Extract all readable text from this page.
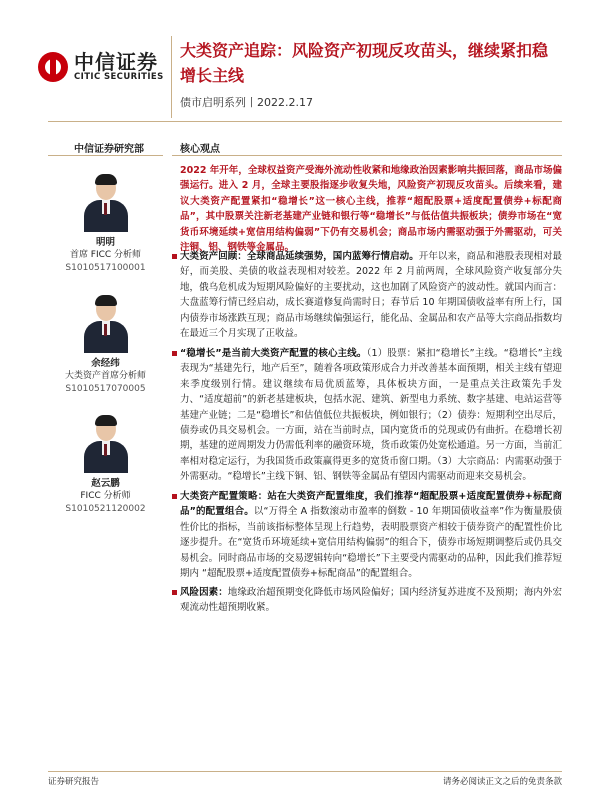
中信证券
CITIC SECURITIES
大类资产追踪：风险资产初现反攻苗头，继续紧扣稳增长主线
债市启明系列丨2022.2.17
中信证券研究部	核心观点
明明
首席 FICC 分析师
S1010517100001
余经纬
大类资产首席分析师
S1010517070005
赵云鹏
FICC 分析师
S1010521120002
2022 年开年，全球权益资产受海外流动性收紧和地缘政治因素影响共振回落，商品市场偏强运行。进入 2 月，全球主要股指逐步收复失地，风险资产初现反攻苗头。后续来看，建议大类资产配置紧扣“稳增长”这一核心主线，推荐“超配股票+适度配置债券+标配商品”，其中股票关注新老基建产业链和银行等“稳增长”与低估值共振板块；债券市场在“宽货币环境延续+宽信用结构偏弱”下仍有交易机会；商品市场内需驱动强于外需驱动，可关注铜、铝、钢铁等金属品。
大类资产回顾：全球商品延续强势，国内蓝筹行情启动。开年以来，商品和港股表现相对最好，而美股、美债的收益表现相对较差。2022 年 2 月前两周，全球风险资产收复部分失地，俄乌危机成为短期风险偏好的主要扰动，这也加剧了风险资产的波动性。就国内而言：大盘蓝筹行情已经启动，成长赛道修复尚需时日；春节后 10 年期国债收益率有所上行，国内债券市场涨跌互现；商品市场继续偏强运行，能化品、金属品和农产品等大宗商品指数均在最近三个月实现了正收益。
“稳增长”是当前大类资产配置的核心主线。（1）股票：紧扣“稳增长”主线。“稳增长”主线表现为“基建先行，地产后至”，随着各项政策形成合力并改善基本面预期，相关主线有望迎来季度级别行情。建议继续布局优质蓝筹，具体板块方面，一是重点关注政策先手发力、“适度超前”的新老基建板块，包括水泥、建筑、新型电力系统、数字基建、电站运营等基建产业链；二是“稳增长”和估值低位共振板块，例如银行；（2）债券：短期利空出尽后，债券或仍具交易机会。一方面，站在当前时点，国内宽货币的兑现或仍有曲折。在稳增长初期，基建的逆周期发力仍需低利率的融资环境，货币政策仍处宽松通道。另一方面，当前汇率相对稳定运行，为我国货币政策赢得更多的宽货币窗口期。（3）大宗商品：内需驱动强于外需驱动。“稳增长”主线下铜、铝、钢铁等金属品有望因内需驱动而迎来交易机会。
大类资产配置策略：站在大类资产配置维度，我们推荐“超配股票+适度配置债券+标配商品”的配置组合。以“万得全 A 指数滚动市盈率的倒数 - 10 年期国债收益率”作为衡量股债性价比的指标，当前该指标整体呈现上行趋势，表明股票资产相较于债券资产的配置性价比逐步提升。在“宽货币环境延续+宽信用结构偏弱”的组合下，债券市场短期调整后或仍具交易机会。同时商品市场的交易逻辑转向“稳增长”下主要受内需驱动的品种，因此我们推荐短期内 “超配股票+适度配置债券+标配商品”的配置组合。
风险因素：地缘政治超预期变化降低市场风险偏好；国内经济复苏进度不及预期；海内外宏观流动性超预期收紧。
证券研究报告	请务必阅读正文之后的免责条款
